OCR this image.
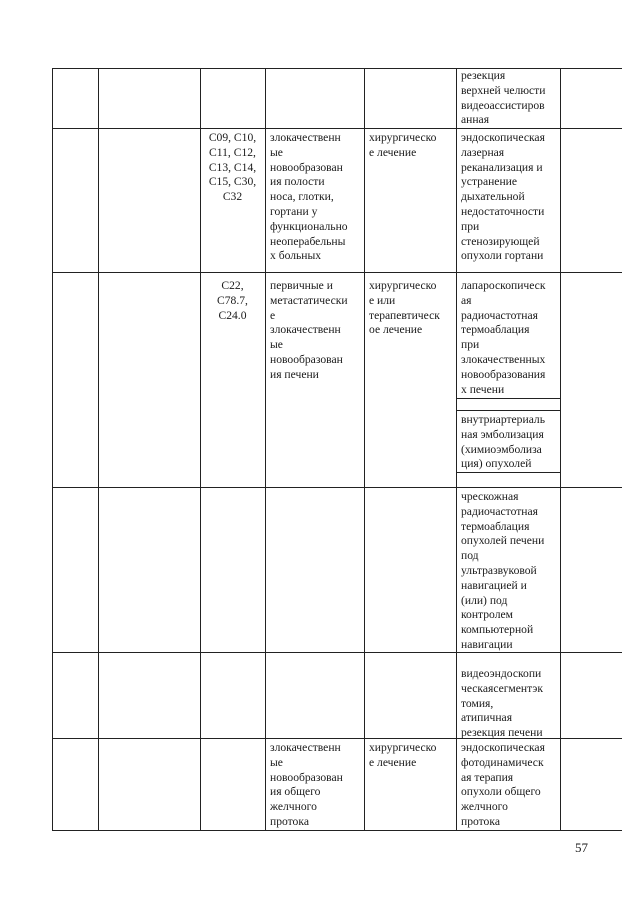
резекция
верхней челюсти
видеоассистиров
анная
C09, C10,
C11, C12,
C13, C14,
C15, C30,
C32
злокачественн
ые
новообразован
ия полости
носa, глотки,
гортани у
функционально
неоперабельны
х больных
хирургическо
е лечение
эндоскопическая
лазерная
реканализация и
устранение
дыхательной
недостаточности
при
стенозирующей
опухоли гортани
C22,
C78.7,
C24.0
первичные и
метастатически
е
злокачественн
ые
новообразован
ия печени
хирургическо
е или
терапевтическ
ое лечение
лапароскопическ
ая
радиочастотная
термоаблация
при
злокачественных
новообразования
х печени
внутриартериаль
ная эмболизация
(химиоэмболиза
ция) опухолей
чрескожная
радиочастотная
термоаблация
опухолей печени
под
ультразвуковой
навигацией и
(или) под
контролем
компьютерной
навигации
видеоэндоскопи
ческаясегментэк
томия,
атипичная
резекция печени
злокачественн
ые
новообразован
ия общего
желчного
протока
хирургическо
е лечение
эндоскопическая
фотодинамическ
ая терапия
опухоли общего
желчного
протока
57
